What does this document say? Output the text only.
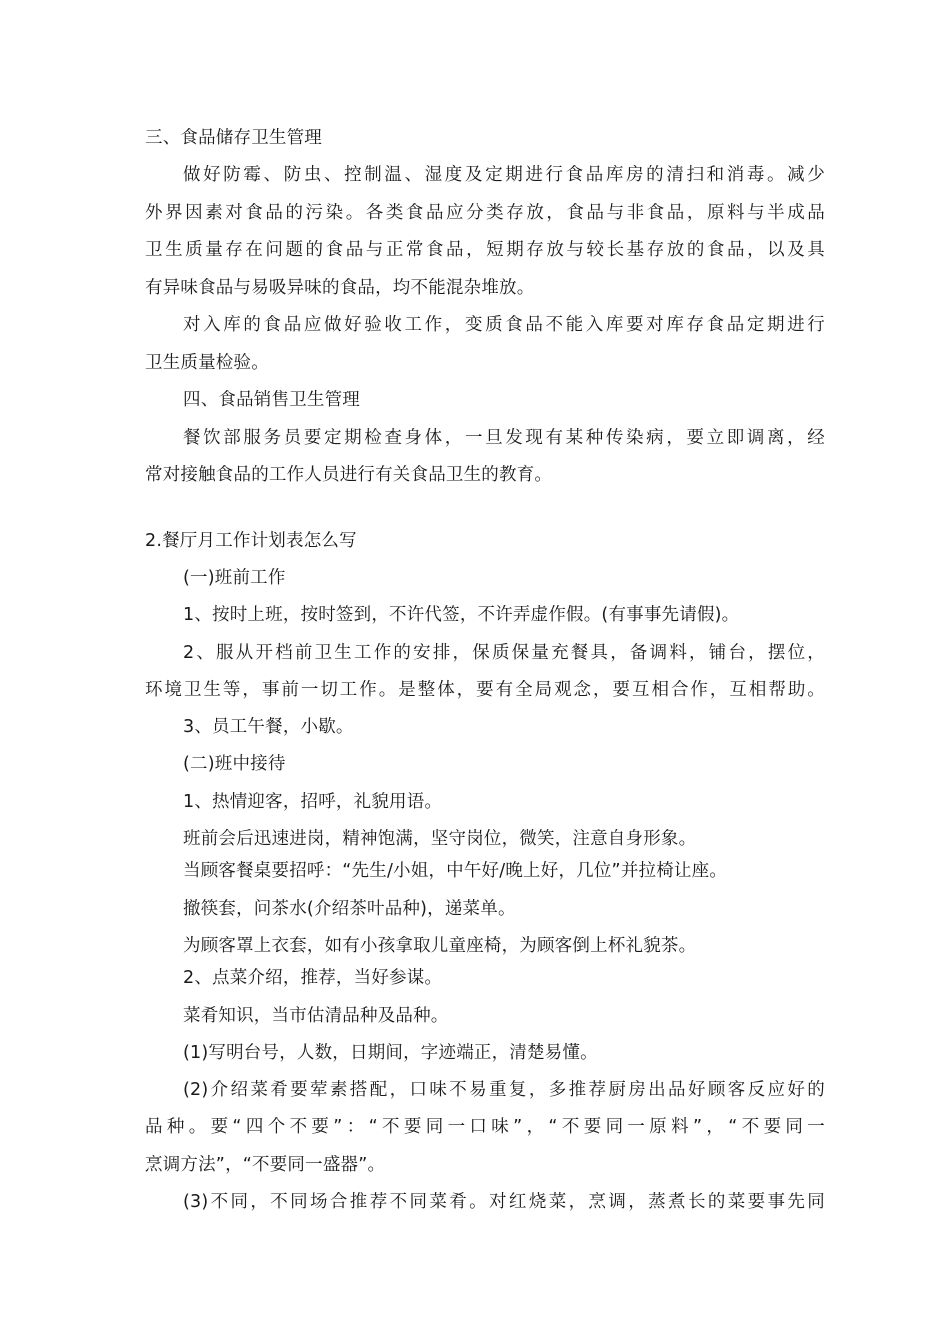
三、食品储存卫生管理
做好防霉、防虫、控制温、湿度及定期进行食品库房的清扫和消毒。减少
外界因素对食品的污染。各类食品应分类存放，食品与非食品，原料与半成品
卫生质量存在问题的食品与正常食品，短期存放与较长基存放的食品，以及具
有异味食品与易吸异味的食品，均不能混杂堆放。
对入库的食品应做好验收工作，变质食品不能入库要对库存食品定期进行
卫生质量检验。
四、食品销售卫生管理
餐饮部服务员要定期检查身体，一旦发现有某种传染病，要立即调离，经
常对接触食品的工作人员进行有关食品卫生的教育。
2.餐厅月工作计划表怎么写
(一)班前工作
1、按时上班，按时签到，不许代签，不许弄虚作假。(有事事先请假)。
2、服从开档前卫生工作的安排，保质保量充餐具，备调料，铺台，摆位，
环境卫生等，事前一切工作。是整体，要有全局观念，要互相合作，互相帮助。
3、员工午餐，小歇。
(二)班中接待
1、热情迎客，招呼，礼貌用语。
班前会后迅速进岗，精神饱满，坚守岗位，微笑，注意自身形象。
当顾客餐桌要招呼：“先生/小姐，中午好/晚上好，几位”并拉椅让座。
撤筷套，问茶水(介绍茶叶品种)，递菜单。
为顾客罩上衣套，如有小孩拿取儿童座椅，为顾客倒上杯礼貌茶。
2、点菜介绍，推荐，当好参谋。
菜肴知识，当市估清品种及品种。
(1)写明台号，人数，日期间，字迹端正，清楚易懂。
(2)介绍菜肴要荤素搭配，口味不易重复，多推荐厨房出品好顾客反应好的
品种。要“四个不要”：“不要同一口味”，“不要同一原料”，“不要同一
烹调方法”，“不要同一盛器”。
(3)不同，不同场合推荐不同菜肴。对红烧菜，烹调，蒸煮长的菜要事先同
